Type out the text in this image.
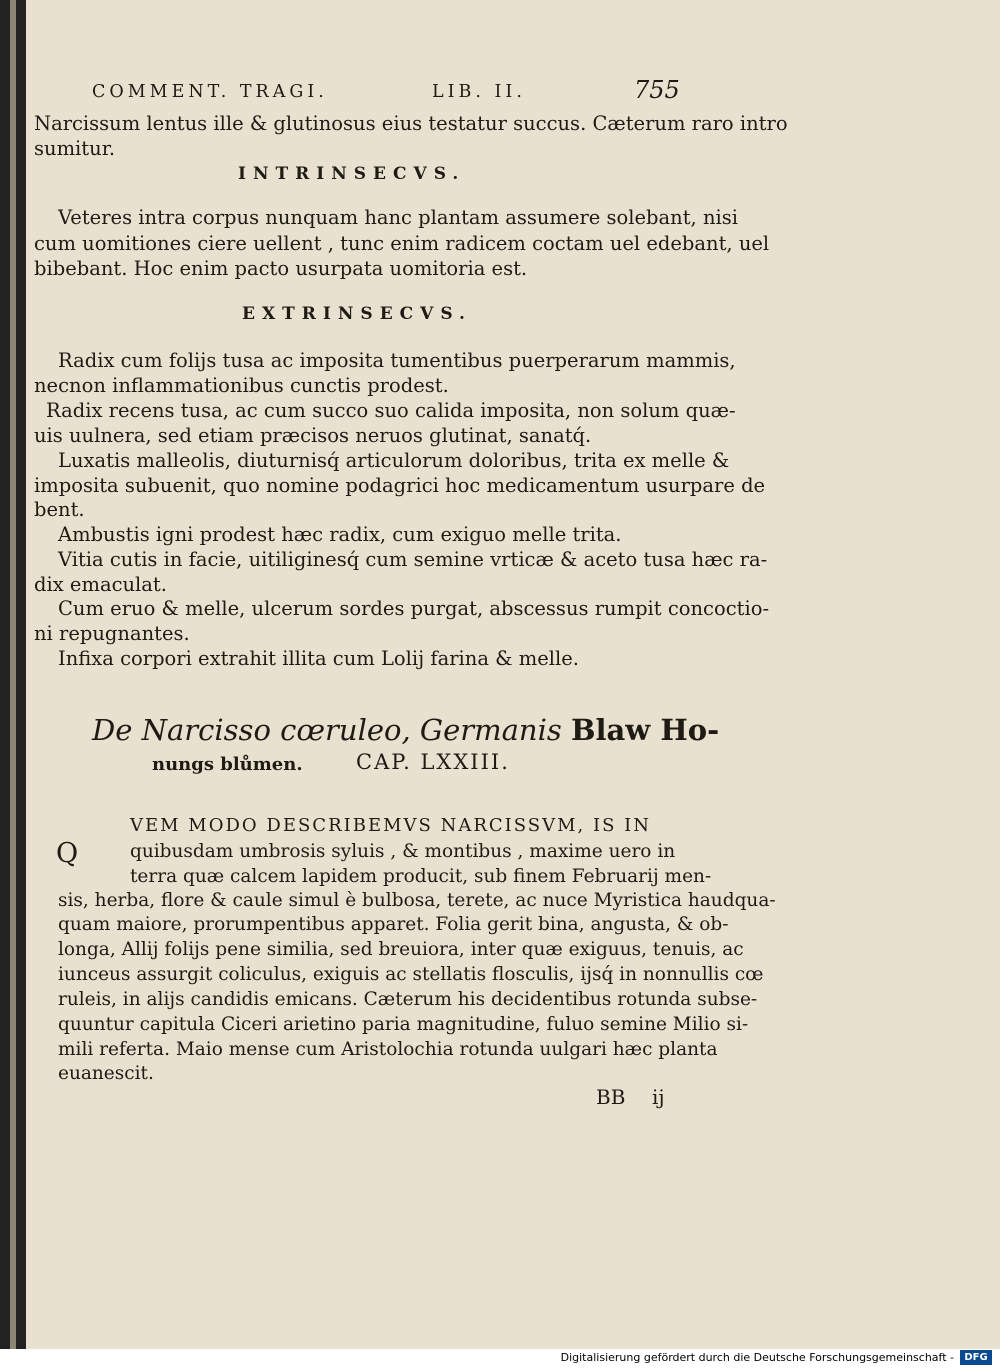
COMMENT. TRAGI.	LIB. II.	755
Narcissum lentus ille & glutinosus eius testatur succus. Cæterum raro intro
sumitur.
INTRINSECVS.
Veteres intra corpus nunquam hanc plantam assumere solebant, nisi
cum uomitiones ciere uellent , tunc enim radicem coctam uel edebant, uel
bibebant. Hoc enim pacto usurpata uomitoria est.
EXTRINSECVS.
Radix cum folijs tusa ac imposita tumentibus puerperarum mammis,
necnon inflammationibus cunctis prodest.
Radix recens tusa, ac cum succo suo calida imposita, non solum quæ-
uis uulnera, sed etiam præcisos neruos glutinat, sanatq́.
Luxatis malleolis, diuturnisq́ articulorum doloribus, trita ex melle &
imposita subuenit, quo nomine podagrici hoc medicamentum usurpare de
bent.
Ambustis igni prodest hæc radix, cum exiguo melle trita.
Vitia cutis in facie, uitiliginesq́ cum semine vrticæ & aceto tusa hæc ra-
dix emaculat.
Cum eruo & melle, ulcerum sordes purgat, abscessus rumpit concoctio-
ni repugnantes.
Infixa corpori extrahit illita cum Lolij farina & melle.
De Narcisso cœruleo, Germanis Blaw Ho-
nungs blůmen.	CAP. LXXIII.
VEM MODO DESCRIBEMVS NARCISSVM, IS IN
Q	quibusdam umbrosis syluis , & montibus , maxime uero in
terra quæ calcem lapidem producit, sub finem Februarij men-
sis, herba, flore & caule simul è bulbosa, terete, ac nuce Myristica haudqua-
quam maiore, prorumpentibus apparet. Folia gerit bina, angusta, & ob-
longa, Allij folijs pene similia, sed breuiora, inter quæ exiguus, tenuis, ac
iunceus assurgit coliculus, exiguis ac stellatis flosculis, ijsq́ in nonnullis cœ
ruleis, in alijs candidis emicans. Cæterum his decidentibus rotunda subse-
quuntur capitula Ciceri arietino paria magnitudine, fuluo semine Milio si-
mili referta. Maio mense cum Aristolochia rotunda uulgari hæc planta
euanescit.
BB ij
Digitalisierung gefördert durch die Deutsche Forschungsgemeinschaft -	DFG
